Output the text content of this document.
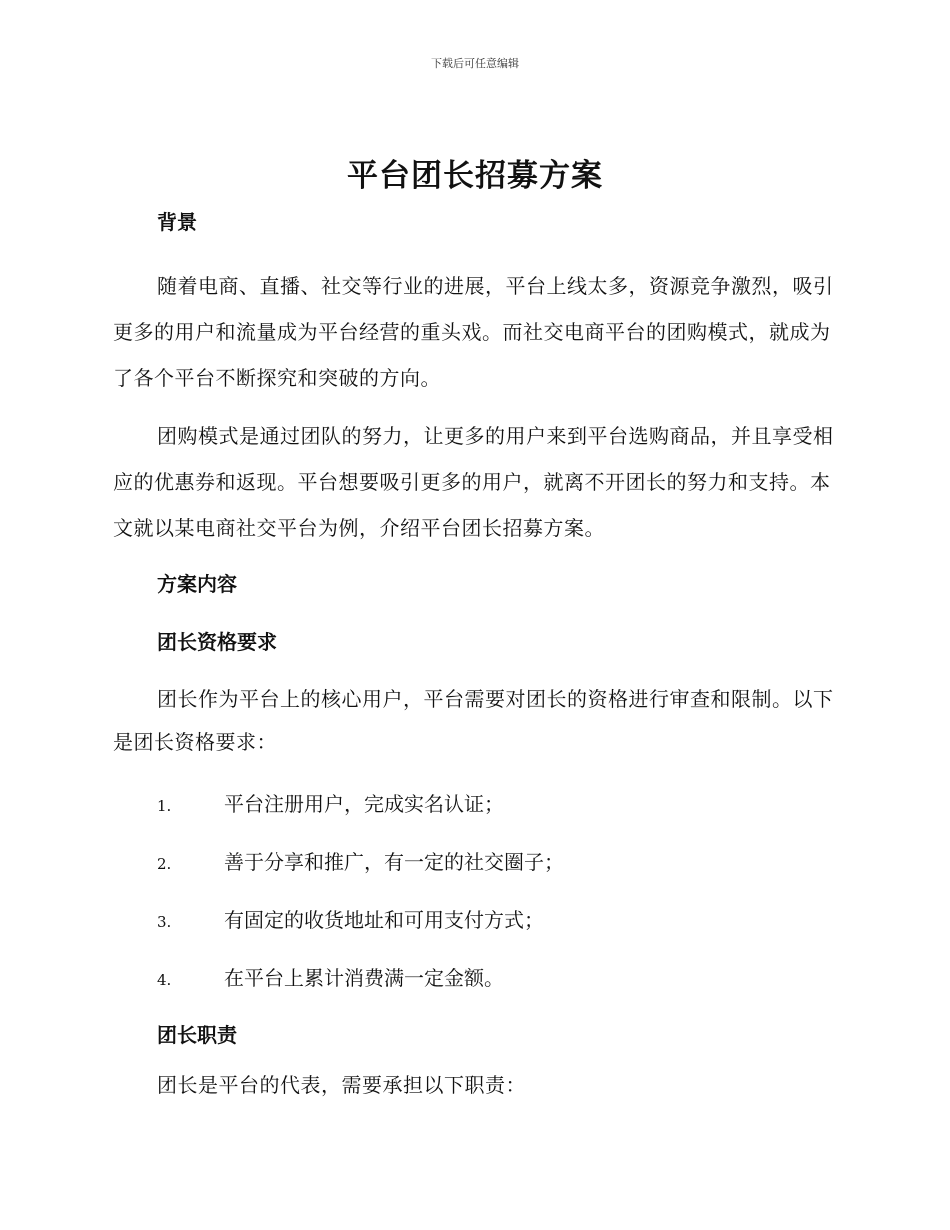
下载后可任意编辑
平台团长招募方案
背景

随着电商、直播、社交等行业的进展，平台上线太多，资源竞争激烈，吸引更多的用户和流量成为平台经营的重头戏。而社交电商平台的团购模式，就成为了各个平台不断探究和突破的方向。

团购模式是通过团队的努力，让更多的用户来到平台选购商品，并且享受相应的优惠券和返现。平台想要吸引更多的用户，就离不开团长的努力和支持。本文就以某电商社交平台为例，介绍平台团长招募方案。

方案内容
团长资格要求

团长作为平台上的核心用户，平台需要对团长的资格进行审查和限制。以下是团长资格要求：

1.	平台注册用户，完成实名认证；
2.	善于分享和推广，有一定的社交圈子；
3.	有固定的收货地址和可用支付方式；
4.	在平台上累计消费满一定金额。
团长职责

团长是平台的代表，需要承担以下职责：
